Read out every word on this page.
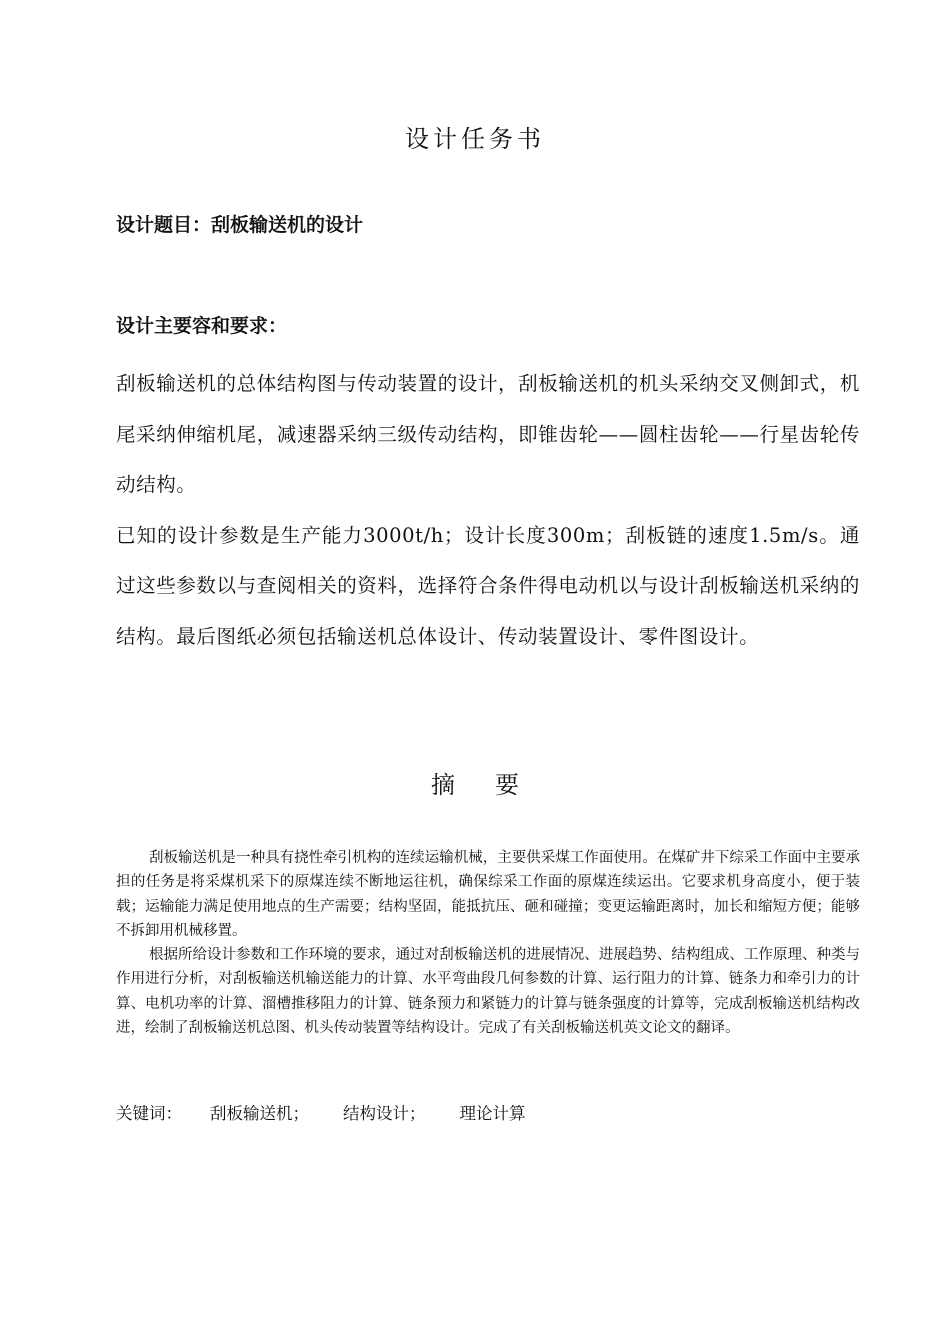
设计任务书
设计题目：刮板输送机的设计
设计主要容和要求：

刮板输送机的总体结构图与传动装置的设计，刮板输送机的机头采纳交叉侧卸式，机尾采纳伸缩机尾，减速器采纳三级传动结构，即锥齿轮——圆柱齿轮——行星齿轮传动结构。

已知的设计参数是生产能力3000t/h；设计长度300m；刮板链的速度1.5m/s。通过这些参数以与查阅相关的资料，选择符合条件得电动机以与设计刮板输送机采纳的结构。最后图纸必须包括输送机总体设计、传动装置设计、零件图设计。

摘 要

刮板输送机是一种具有挠性牵引机构的连续运输机械，主要供采煤工作面使用。在煤矿井下综采工作面中主要承担的任务是将采煤机采下的原煤连续不断地运往机，确保综采工作面的原煤连续运出。它要求机身高度小，便于装载；运输能力满足使用地点的生产需要；结构坚固，能抵抗压、砸和碰撞；变更运输距离时，加长和缩短方便；能够不拆卸用机械移置。

根据所给设计参数和工作环境的要求，通过对刮板输送机的进展情况、进展趋势、结构组成、工作原理、种类与作用进行分析，对刮板输送机输送能力的计算、水平弯曲段几何参数的计算、运行阻力的计算、链条力和牵引力的计算、电机功率的计算、溜槽推移阻力的计算、链条预力和紧链力的计算与链条强度的计算等，完成刮板输送机结构改进，绘制了刮板输送机总图、机头传动装置等结构设计。完成了有关刮板输送机英文论文的翻译。

关键词：	刮板输送机； 结构设计； 理论计算
